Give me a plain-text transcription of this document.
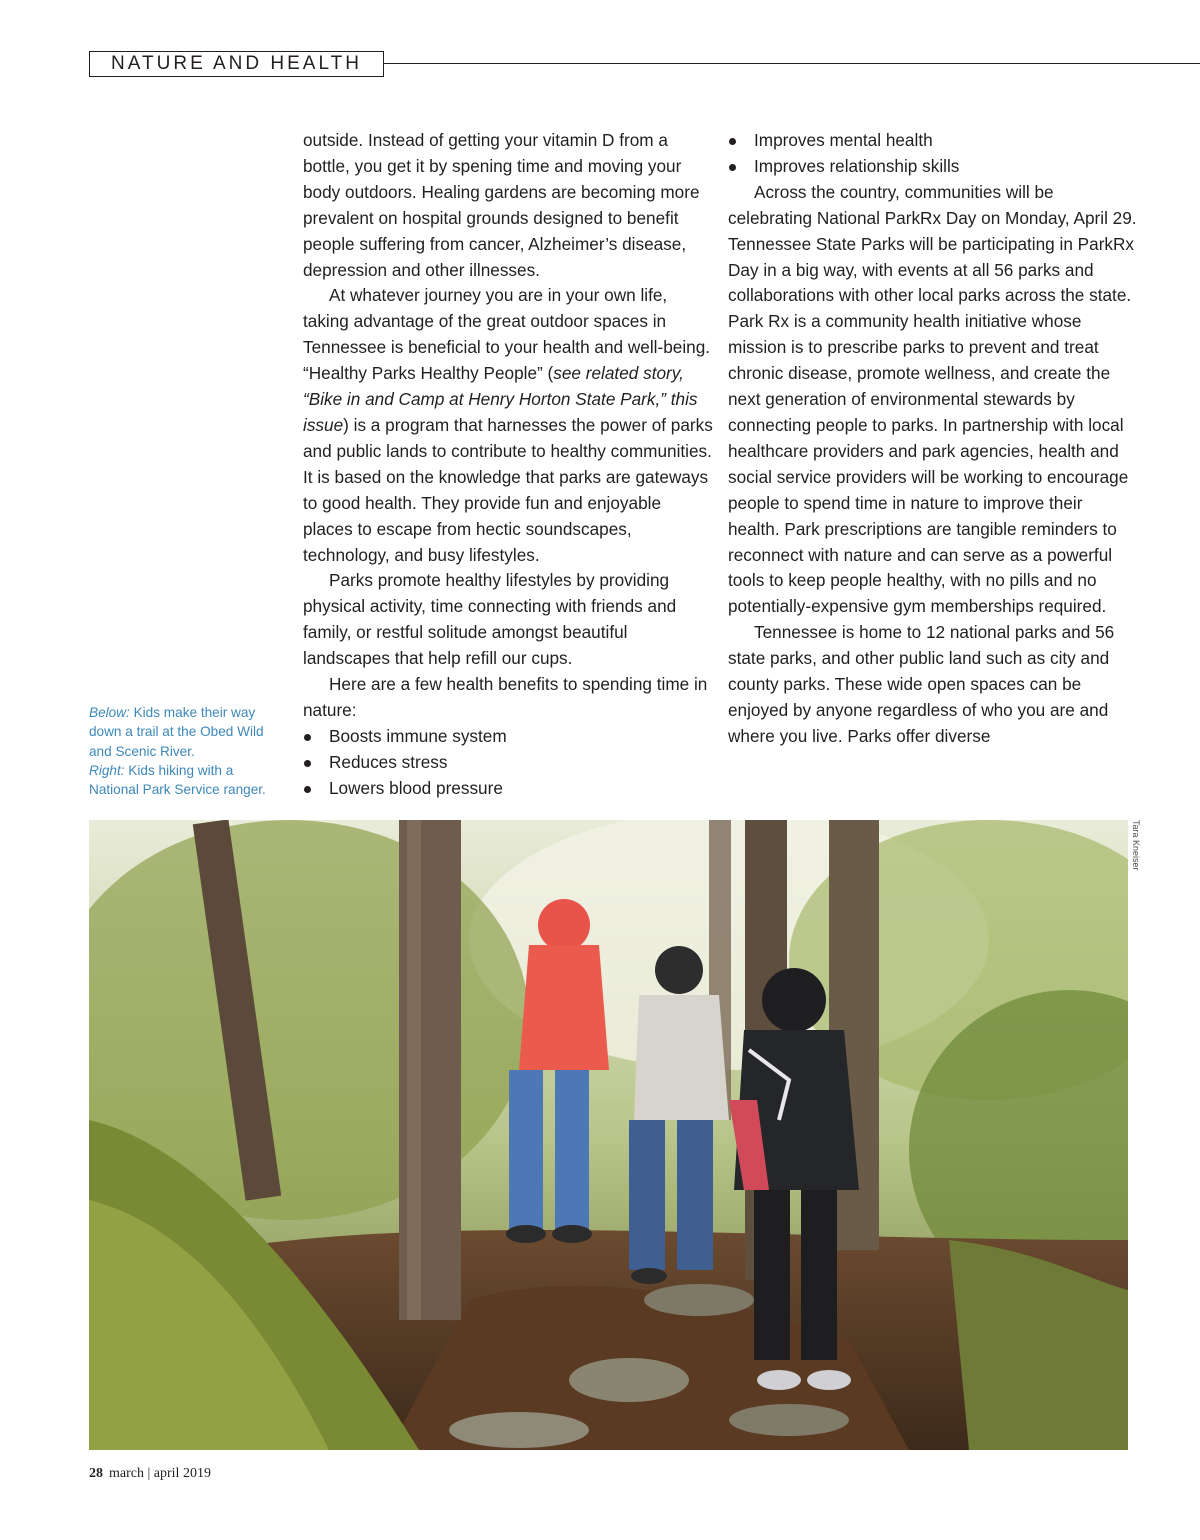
NATURE AND HEALTH

outside. Instead of getting your vitamin D from a bottle, you get it by spening time and moving your body outdoors. Healing gardens are becoming more prevalent on hospital grounds designed to benefit people suffering from cancer, Alzheimer’s disease, depression and other illnesses.

At whatever journey you are in your own life, taking advantage of the great outdoor spaces in Tennessee is beneficial to your health and well-being. “Healthy Parks Healthy People” (see related story, “Bike in and Camp at Henry Horton State Park,” this issue) is a program that harnesses the power of parks and public lands to contribute to healthy communities. It is based on the knowledge that parks are gateways to good health. They provide fun and enjoyable places to escape from hectic soundscapes, technology, and busy lifestyles.

Parks promote healthy lifestyles by providing physical activity, time connecting with friends and family, or restful solitude amongst beautiful landscapes that help refill our cups.

Here are a few health benefits to spending time in nature:

Boosts immune system
Reduces stress
Lowers blood pressure
Improves mental health
Improves relationship skills

Across the country, communities will be celebrating National ParkRx Day on Monday, April 29. Tennessee State Parks will be participating in ParkRx Day in a big way, with events at all 56 parks and collaborations with other local parks across the state. Park Rx is a community health initiative whose mission is to prescribe parks to prevent and treat chronic disease, promote wellness, and create the next generation of environmental stewards by connecting people to parks. In partnership with local healthcare providers and park agencies, health and social service providers will be working to encourage people to spend time in nature to improve their health. Park prescriptions are tangible reminders to reconnect with nature and can serve as a powerful tools to keep people healthy, with no pills and no potentially-expensive gym memberships required.

Tennessee is home to 12 national parks and 56 state parks, and other public land such as city and county parks. These wide open spaces can be enjoyed by anyone regardless of who you are and where you live. Parks offer diverse

Below: Kids make their way down a trail at the Obed Wild and Scenic River.
Right: Kids hiking with a National Park Service ranger.
Tara Kneiser
28 march | april 2019
